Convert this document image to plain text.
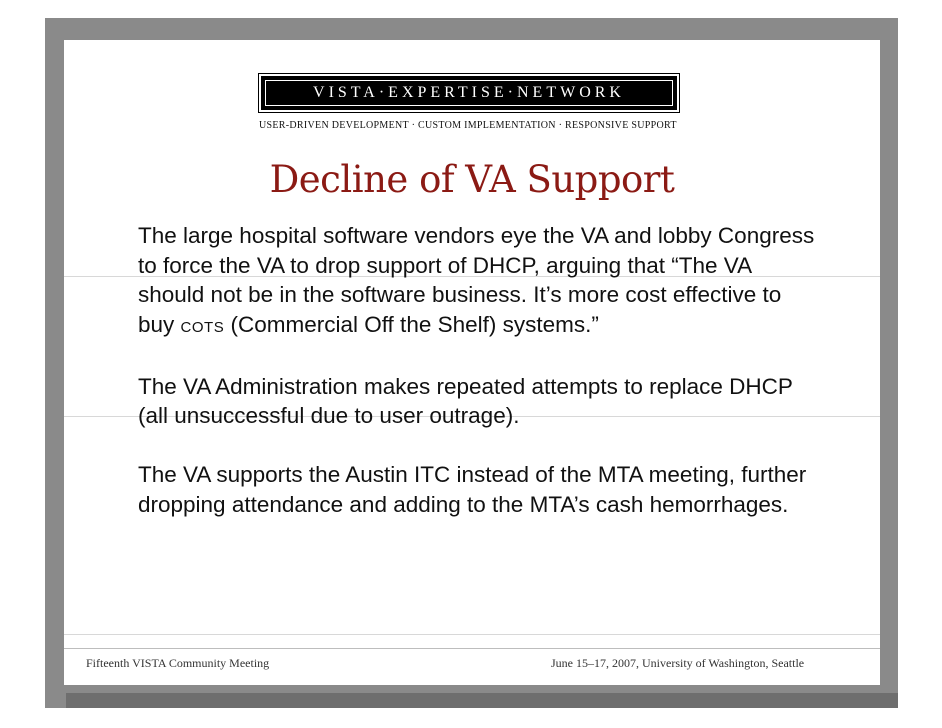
VISTA·EXPERTISE·NETWORK
USER-DRIVEN DEVELOPMENT · CUSTOM IMPLEMENTATION · RESPONSIVE SUPPORT
Decline of VA Support

The large hospital software vendors eye the VA and lobby Congress to force the VA to drop support of DHCP, arguing that “The VA should not be in the software business. It’s more cost effective to buy COTS (Commercial Off the Shelf) systems.”

The VA Administration makes repeated attempts to replace DHCP (all unsuccessful due to user outrage).

The VA supports the Austin ITC instead of the MTA meeting, further dropping attendance and adding to the MTA’s cash hemorrhages.

Fifteenth VISTA Community Meeting	June 15–17, 2007, University of Washington, Seattle
